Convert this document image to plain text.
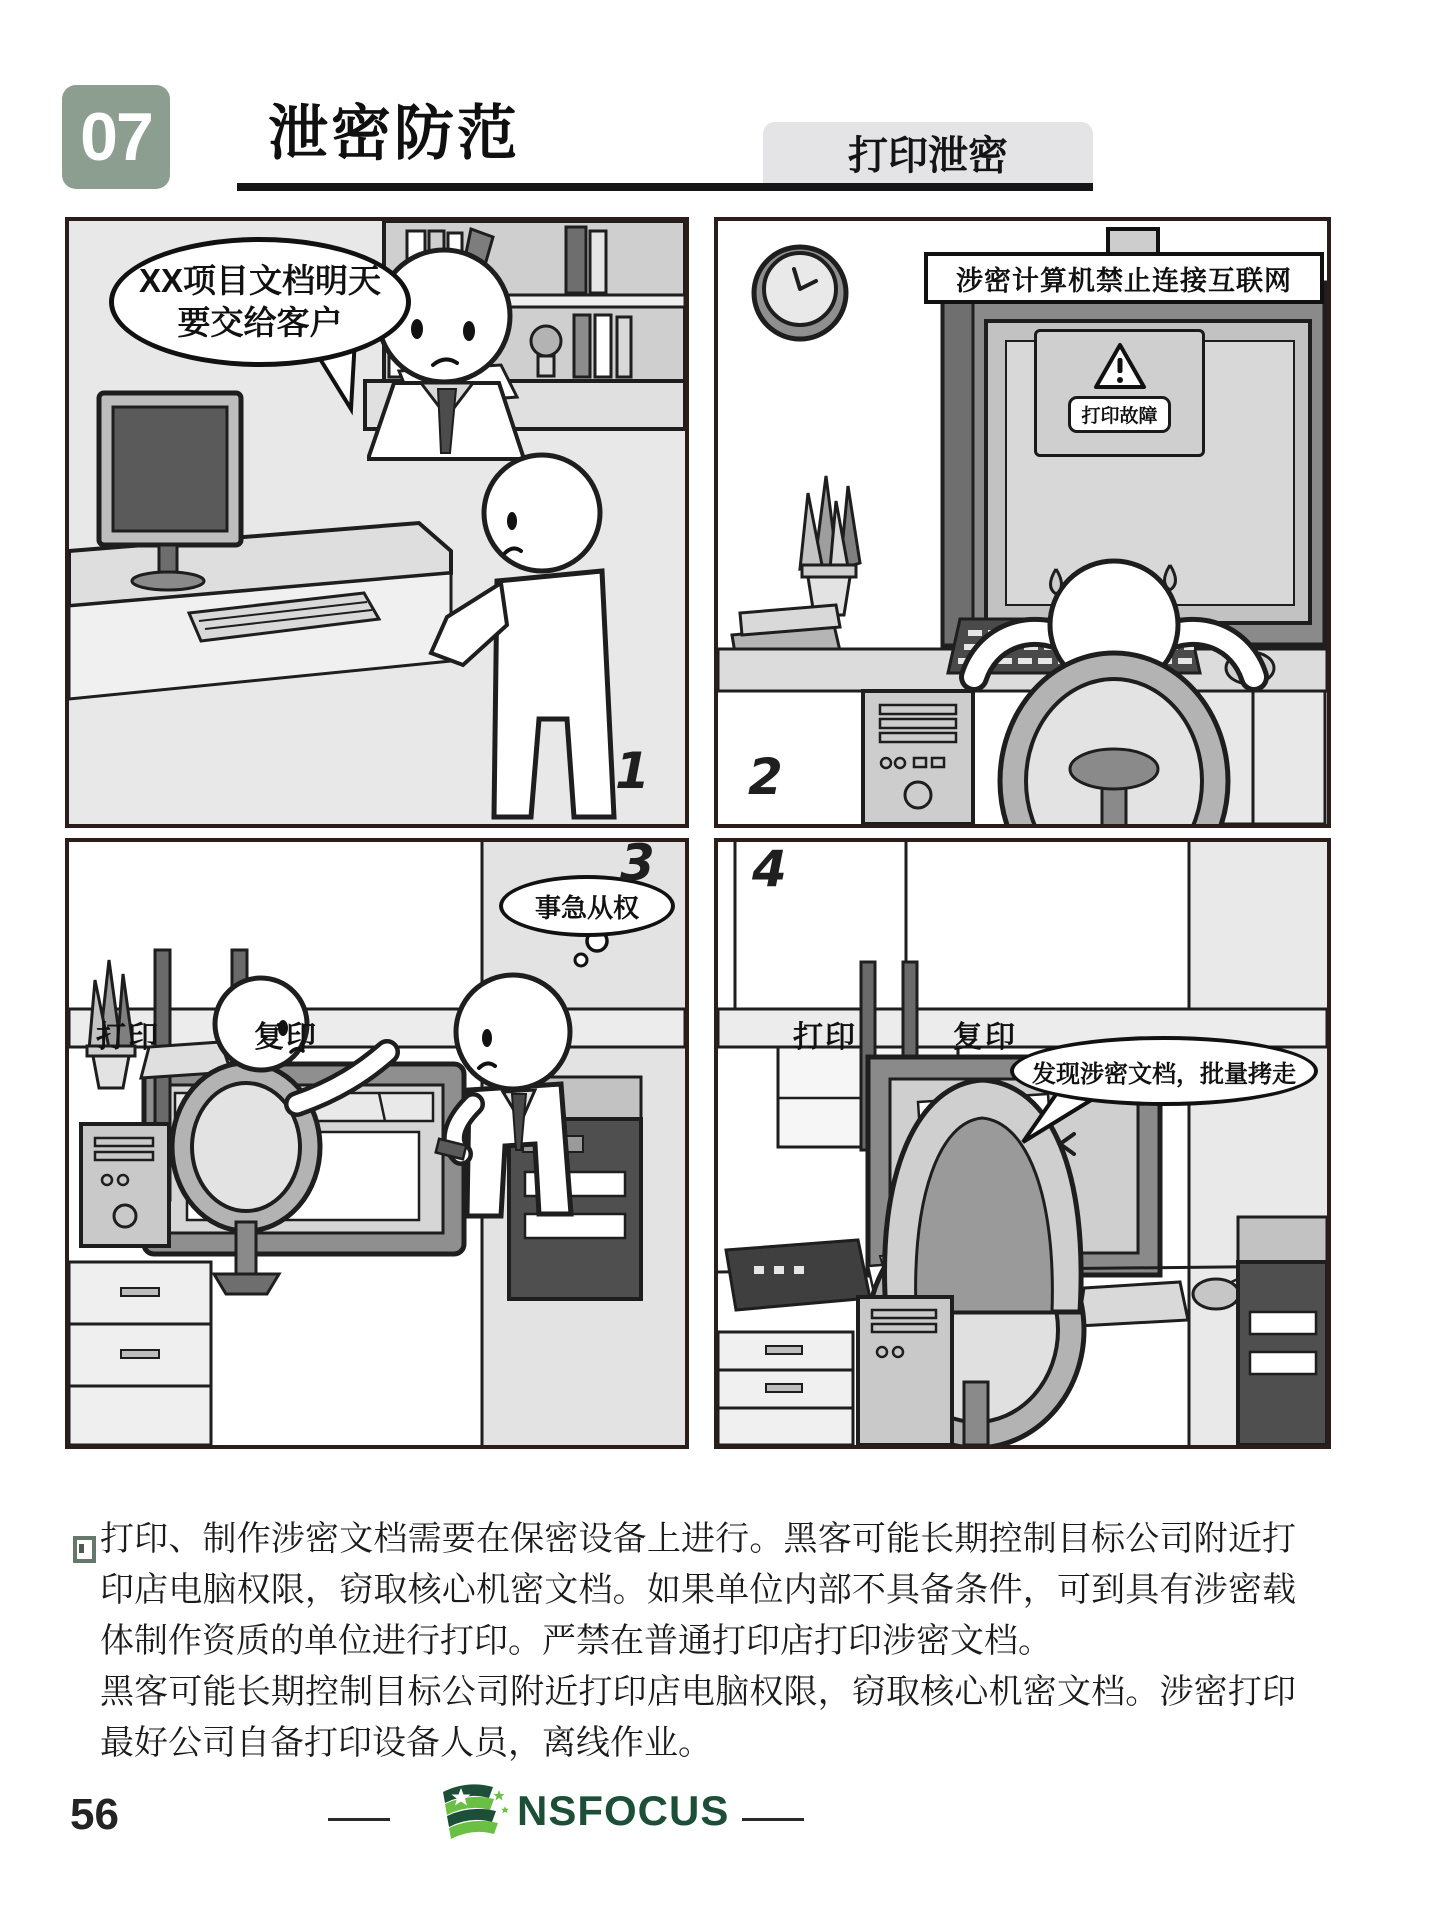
07	泄密防范	打印泄密
XX项目文档明天
要交给客户
涉密计算机禁止连接互联网
打印故障
打印	复印
事急从权
打印	复印
发现涉密文档，批量拷走
1 2
3 4

打印、制作涉密文档需要在保密设备上进行。黑客可能长期控制目标公司附近打印店电脑权限，窃取核心机密文档。如果单位内部不具备条件，可到具有涉密载体制作资质的单位进行打印。严禁在普通打印店打印涉密文档。

黑客可能长期控制目标公司附近打印店电脑权限，窃取核心机密文档。涉密打印最好公司自备打印设备人员，离线作业。

56	NSFOCUS
